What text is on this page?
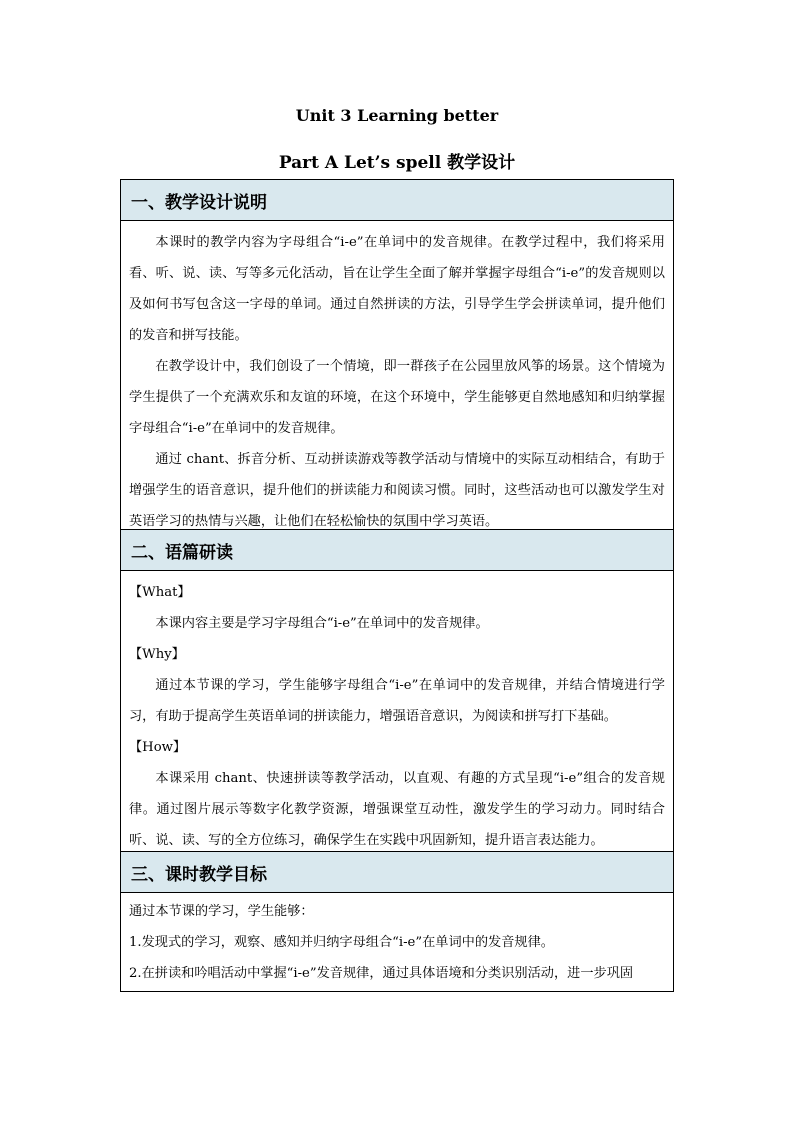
Unit 3 Learning better
Part A Let’s spell 教学设计
一、教学设计说明

本课时的教学内容为字母组合“i-e”在单词中的发音规律。在教学过程中，我们将采用看、听、说、读、写等多元化活动，旨在让学生全面了解并掌握字母组合“i-e”的发音规则以及如何书写包含这一字母的单词。通过自然拼读的方法，引导学生学会拼读单词，提升他们的发音和拼写技能。

在教学设计中，我们创设了一个情境，即一群孩子在公园里放风筝的场景。这个情境为学生提供了一个充满欢乐和友谊的环境，在这个环境中，学生能够更自然地感知和归纳掌握字母组合“i-e”在单词中的发音规律。

通过 chant、拆音分析、互动拼读游戏等教学活动与情境中的实际互动相结合，有助于增强学生的语音意识，提升他们的拼读能力和阅读习惯。同时，这些活动也可以激发学生对英语学习的热情与兴趣，让他们在轻松愉快的氛围中学习英语。

二、语篇研读

【What】

本课内容主要是学习字母组合“i-e”在单词中的发音规律。

【Why】

通过本节课的学习，学生能够字母组合“i-e”在单词中的发音规律，并结合情境进行学习，有助于提高学生英语单词的拼读能力，增强语音意识，为阅读和拼写打下基础。

【How】

本课采用 chant、快速拼读等教学活动，以直观、有趣的方式呈现“i-e”组合的发音规律。通过图片展示等数字化教学资源，增强课堂互动性，激发学生的学习动力。同时结合听、说、读、写的全方位练习，确保学生在实践中巩固新知，提升语言表达能力。

三、课时教学目标

通过本节课的学习，学生能够：

1.发现式的学习，观察、感知并归纳字母组合“i-e”在单词中的发音规律。

2.在拼读和吟唱活动中掌握“i-e”发音规律，通过具体语境和分类识别活动，进一步巩固
